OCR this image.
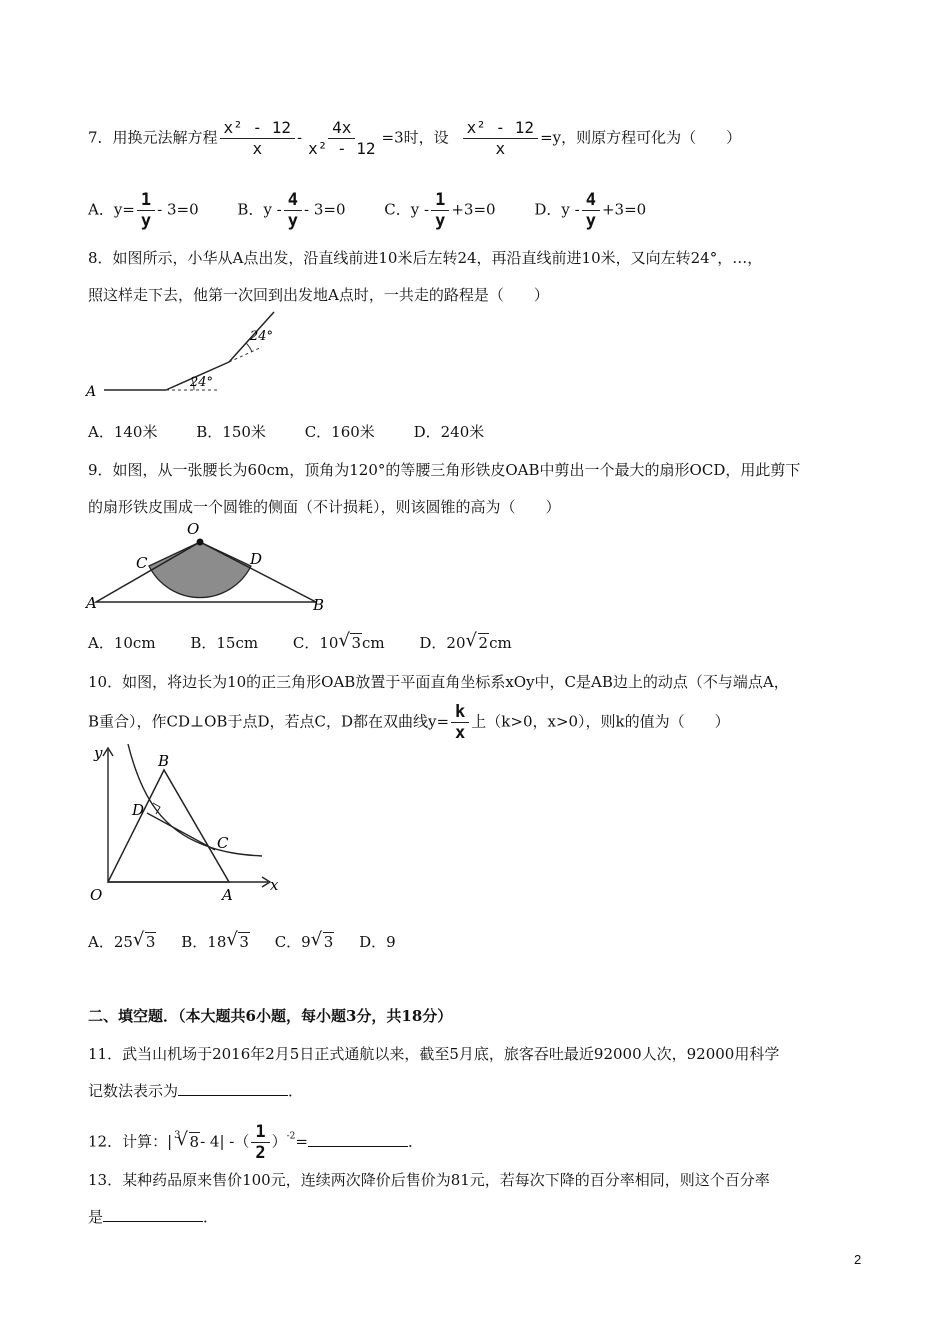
7．用换元法解方程 $\frac{\text{x² - 12}}{x} - \frac{4x}{\text{x² - 12}} =3$时，设 $\frac{\text{x² - 12}}{x} =y$，则原方程可化为（　　）
A．$y= \frac{1}{y} - 3=0$	B．$y - \frac{4}{y} - 3=0$	C．$y - \frac{1}{y} +3=0$	D．$y - \frac{4}{y} +3=0$
8．如图所示，小华从A点出发，沿直线前进10米后左转24，再沿直线前进10米，又向左转24°，…，
照这样走下去，他第一次回到出发地A点时，一共走的路程是（　　）
A
24°
24°
A．140米	B．150米	C．160米	D．240米
9．如图，从一张腰长为60cm，顶角为120°的等腰三角形铁皮OAB中剪出一个最大的扇形OCD，用此剪下
的扇形铁皮围成一个圆锥的侧面（不计损耗），则该圆锥的高为（　　）
O
A	B
C	D
A．10cm B．15cm C．10 √ 3cm D．20 √ 2cm
10．如图，将边长为10的正三角形OAB放置于平面直角坐标系xOy中，C是AB边上的动点（不与端点A，
B重合），作CD⊥OB于点D，若点C，D都在双曲线$y= \frac{k}{x}$ 上（k>0，x>0），则k的值为（　　）
y
x
O	A
B
C
D
A．25 √ 3 B．18 √ 3 C．9 √ 3 D．9
二、填空题．（本大题共6小题，每小题3分，共18分）
11．武当山机场于2016年2月5日正式通航以来，截至5月底，旅客吞吐最近92000人次，92000用科学
记数法表示为	．
12．计算：| $^3$ √ 8- 4| -（ $\frac{1}{2} )^{-2}=$	．
13．某种药品原来售价100元，连续两次降价后售价为81元，若每次下降的百分率相同，则这个百分率
是	．
2
